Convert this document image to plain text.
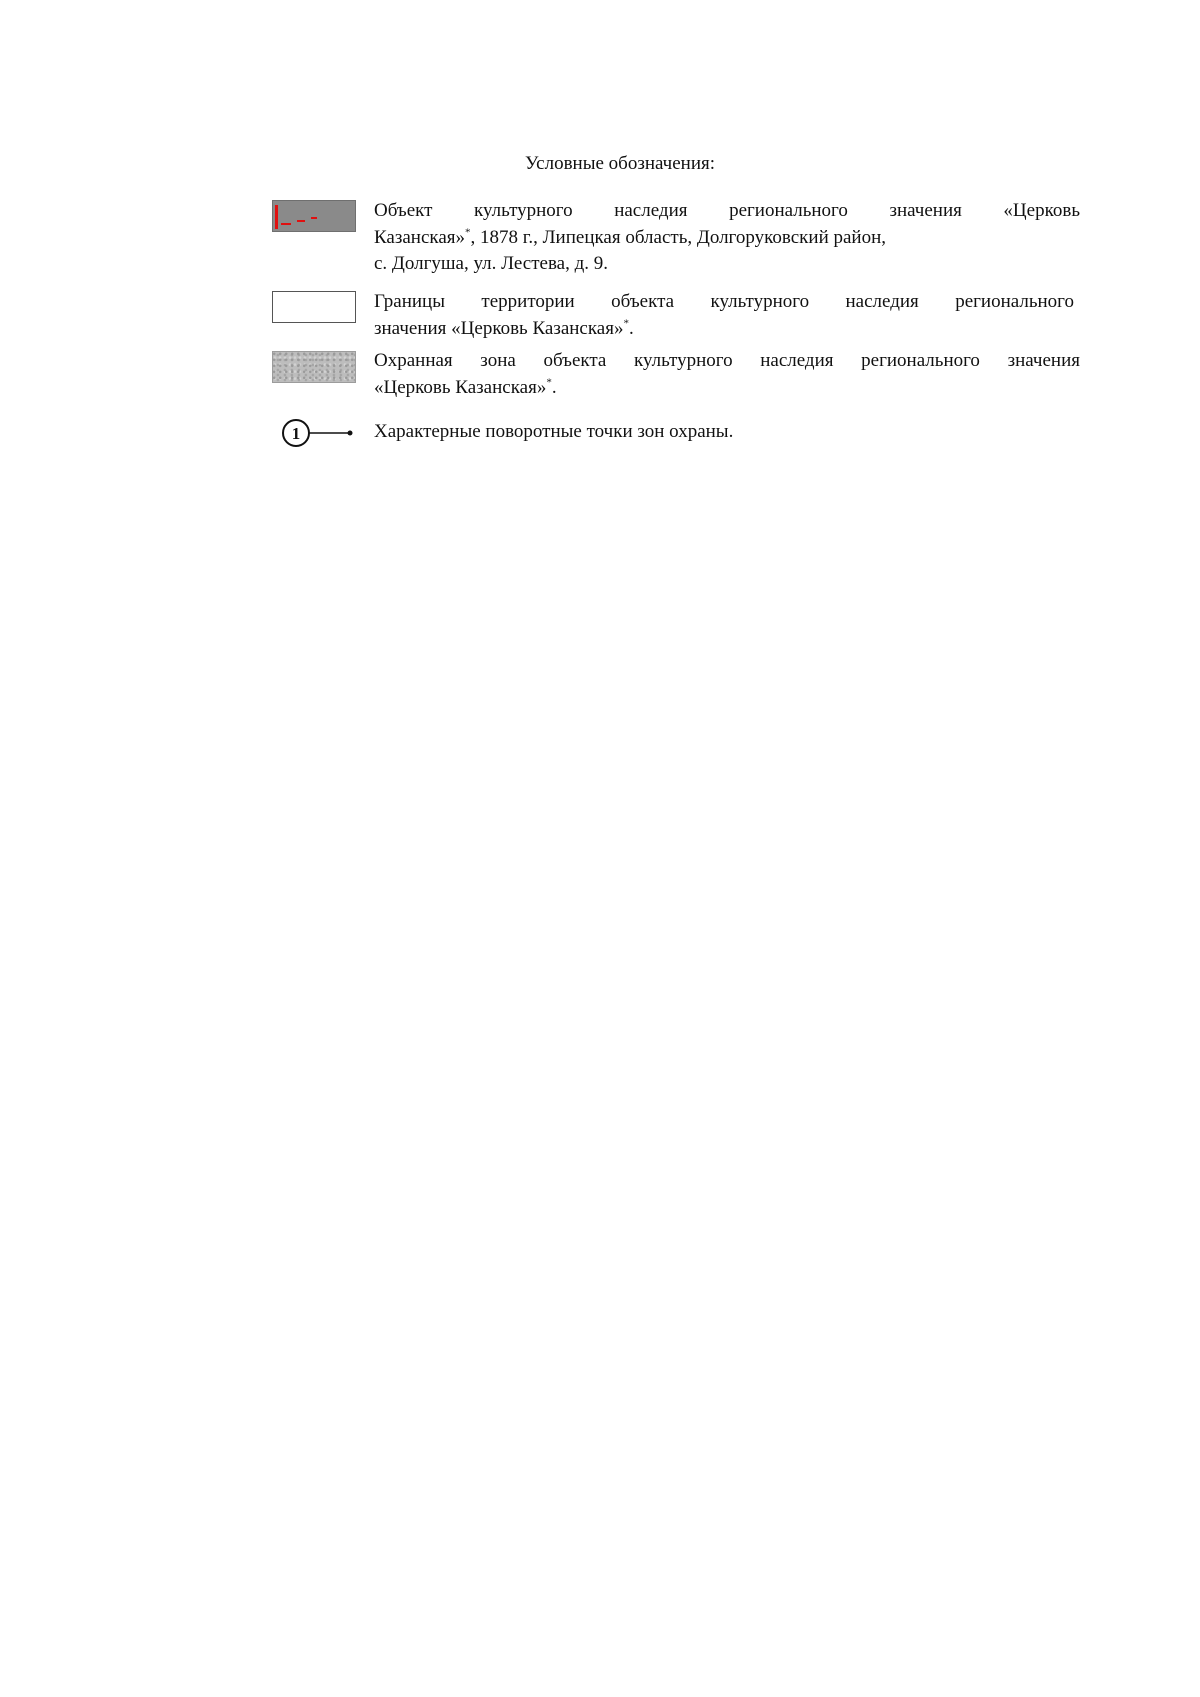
Условные обозначения:
Объект культурного наследия регионального значения «Церковь
Казанская»*, 1878 г., Липецкая область, Долгоруковский район,
с. Долгуша, ул. Лестева, д. 9.
Границы территории объекта культурного наследия регионального
значения «Церковь Казанская»*.
Охранная зона объекта культурного наследия регионального значения
«Церковь Казанская»*.
1	Характерные поворотные точки зон охраны.
